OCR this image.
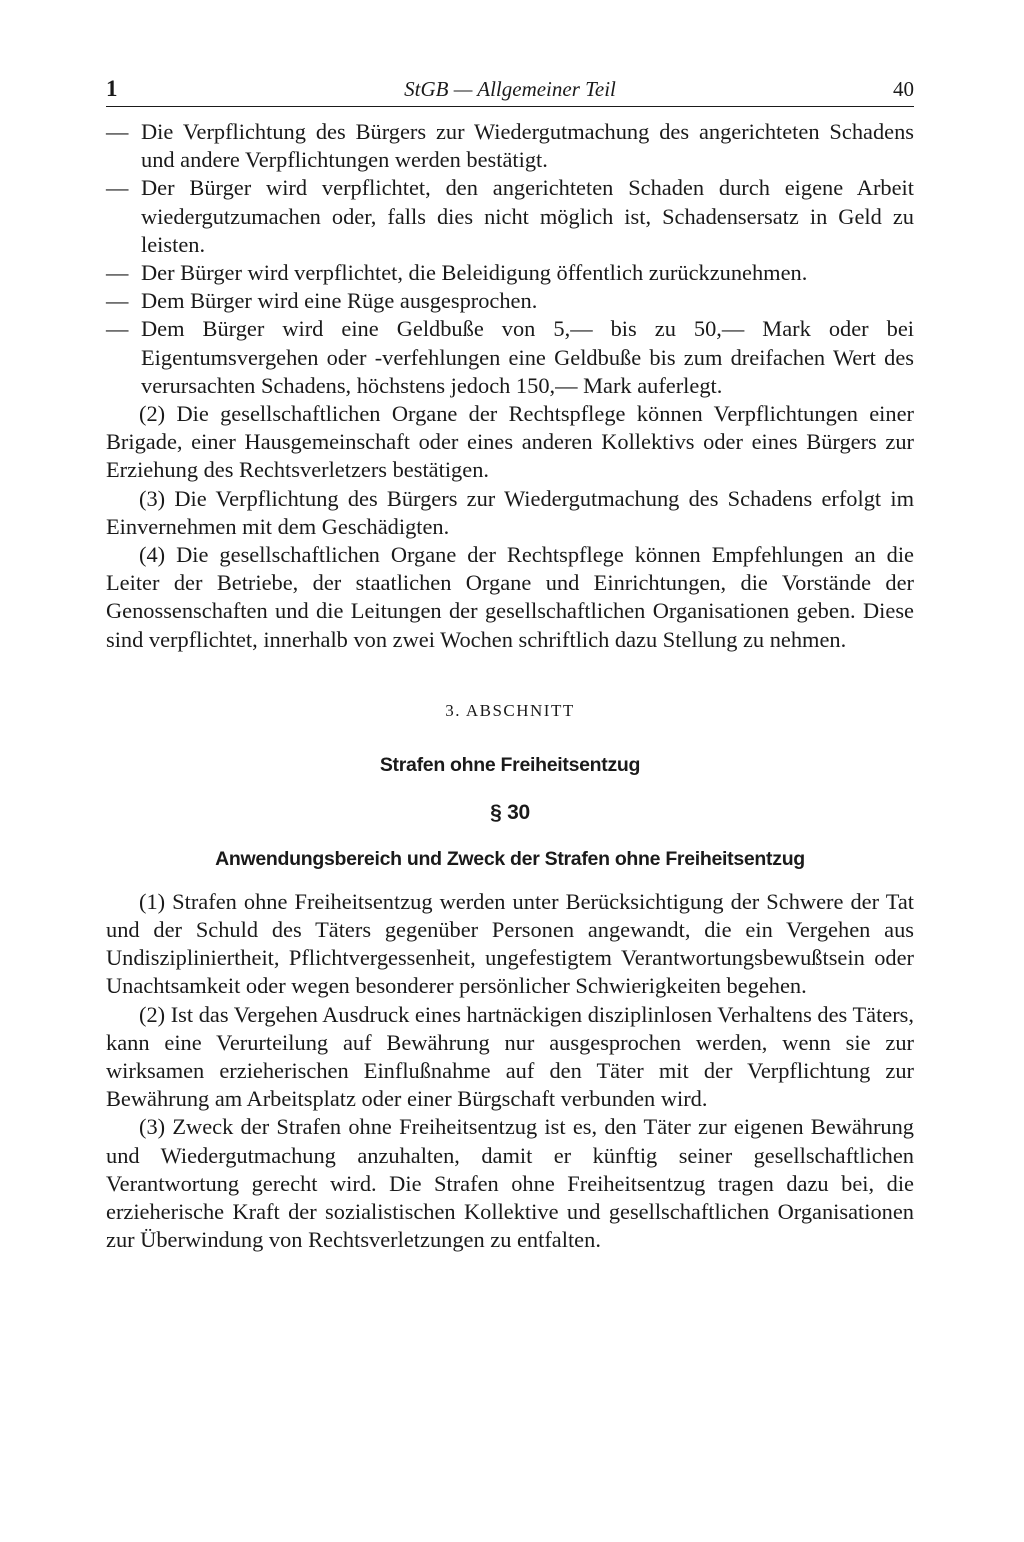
1	StGB — Allgemeiner Teil	40
— Die Verpflichtung des Bürgers zur Wiedergutmachung des angerichteten Schadens und andere Verpflichtungen werden bestätigt.
— Der Bürger wird verpflichtet, den angerichteten Schaden durch eigene Arbeit wiedergutzumachen oder, falls dies nicht möglich ist, Schadensersatz in Geld zu leisten.
— Der Bürger wird verpflichtet, die Beleidigung öffentlich zurückzunehmen.
— Dem Bürger wird eine Rüge ausgesprochen.
— Dem Bürger wird eine Geldbuße von 5,— bis zu 50,— Mark oder bei Eigentumsvergehen oder -verfehlungen eine Geldbuße bis zum dreifachen Wert des verursachten Schadens, höchstens jedoch 150,— Mark auferlegt.
(2) Die gesellschaftlichen Organe der Rechtspflege können Verpflichtungen einer Brigade, einer Hausgemeinschaft oder eines anderen Kollektivs oder eines Bürgers zur Erziehung des Rechtsverletzers bestätigen.
(3) Die Verpflichtung des Bürgers zur Wiedergutmachung des Schadens erfolgt im Einvernehmen mit dem Geschädigten.
(4) Die gesellschaftlichen Organe der Rechtspflege können Empfehlungen an die Leiter der Betriebe, der staatlichen Organe und Einrichtungen, die Vorstände der Genossenschaften und die Leitungen der gesellschaftlichen Organisationen geben. Diese sind verpflichtet, innerhalb von zwei Wochen schriftlich dazu Stellung zu nehmen.
3. ABSCHNITT
Strafen ohne Freiheitsentzug
§ 30
Anwendungsbereich und Zweck der Strafen ohne Freiheitsentzug
(1) Strafen ohne Freiheitsentzug werden unter Berücksichtigung der Schwere der Tat und der Schuld des Täters gegenüber Personen angewandt, die ein Vergehen aus Undiszipliniertheit, Pflichtvergessenheit, ungefestigtem Verantwortungsbewußtsein oder Unachtsamkeit oder wegen besonderer persönlicher Schwierigkeiten begehen.
(2) Ist das Vergehen Ausdruck eines hartnäckigen disziplinlosen Verhaltens des Täters, kann eine Verurteilung auf Bewährung nur ausgesprochen werden, wenn sie zur wirksamen erzieherischen Einflußnahme auf den Täter mit der Verpflichtung zur Bewährung am Arbeitsplatz oder einer Bürgschaft verbunden wird.
(3) Zweck der Strafen ohne Freiheitsentzug ist es, den Täter zur eigenen Bewährung und Wiedergutmachung anzuhalten, damit er künftig seiner gesellschaftlichen Verantwortung gerecht wird. Die Strafen ohne Freiheitsentzug tragen dazu bei, die erzieherische Kraft der sozialistischen Kollektive und gesellschaftlichen Organisationen zur Überwindung von Rechtsverletzungen zu entfalten.
